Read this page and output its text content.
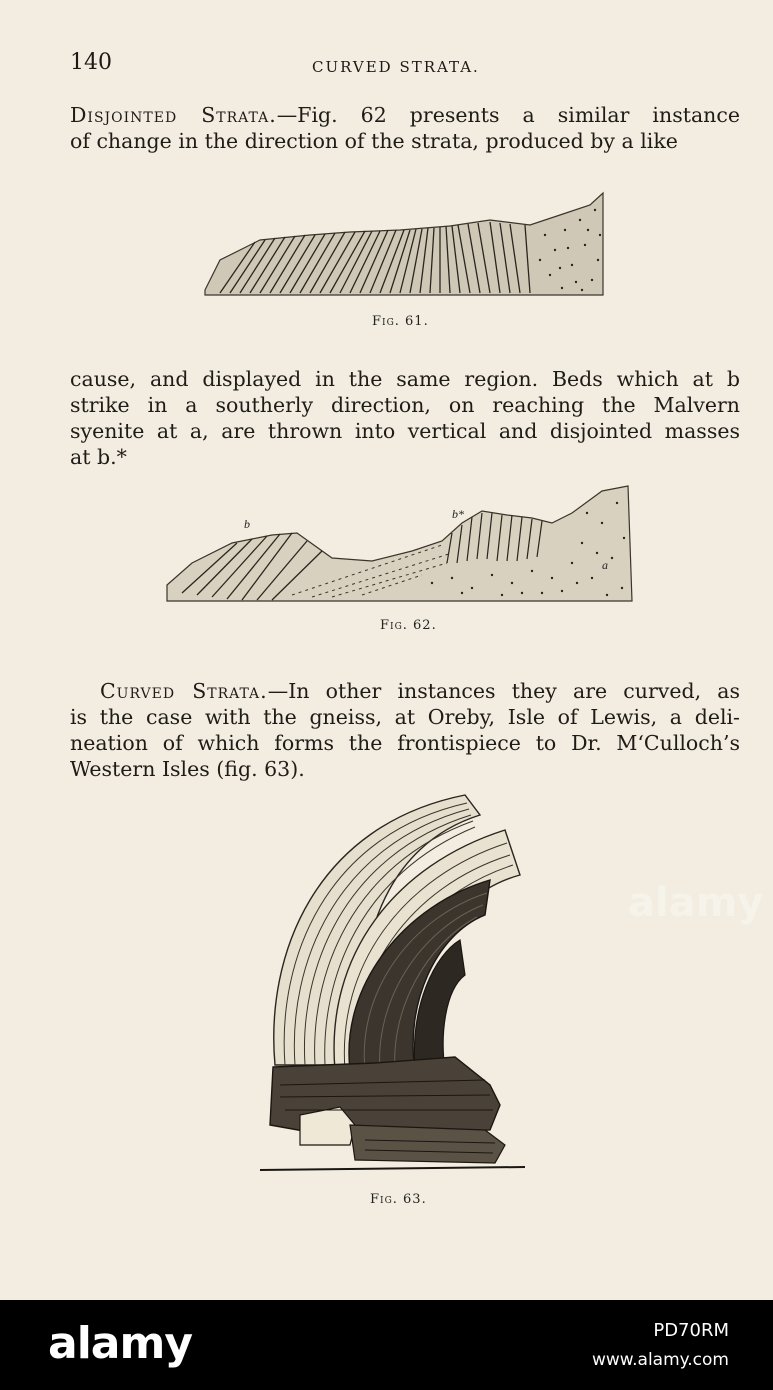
140	CURVED STRATA.
Disjointed Strata.—Fig. 62 presents a similar instance
of change in the direction of the strata, produced by a like
Fig. 61.
cause, and displayed in the same region. Beds which at b
strike in a southerly direction, on reaching the Malvern
syenite at a, are thrown into vertical and disjointed masses
at b.*
b
b*
a
Fig. 62.
Curved Strata.—In other instances they are curved, as
is the case with the gneiss, at Oreby, Isle of Lewis, a deli-
neation of which forms the frontispiece to Dr. M‘Culloch’s
Western Isles (fig. 63).
Fig. 63.
alamy
alamy	PD70RM
www.alamy.com
